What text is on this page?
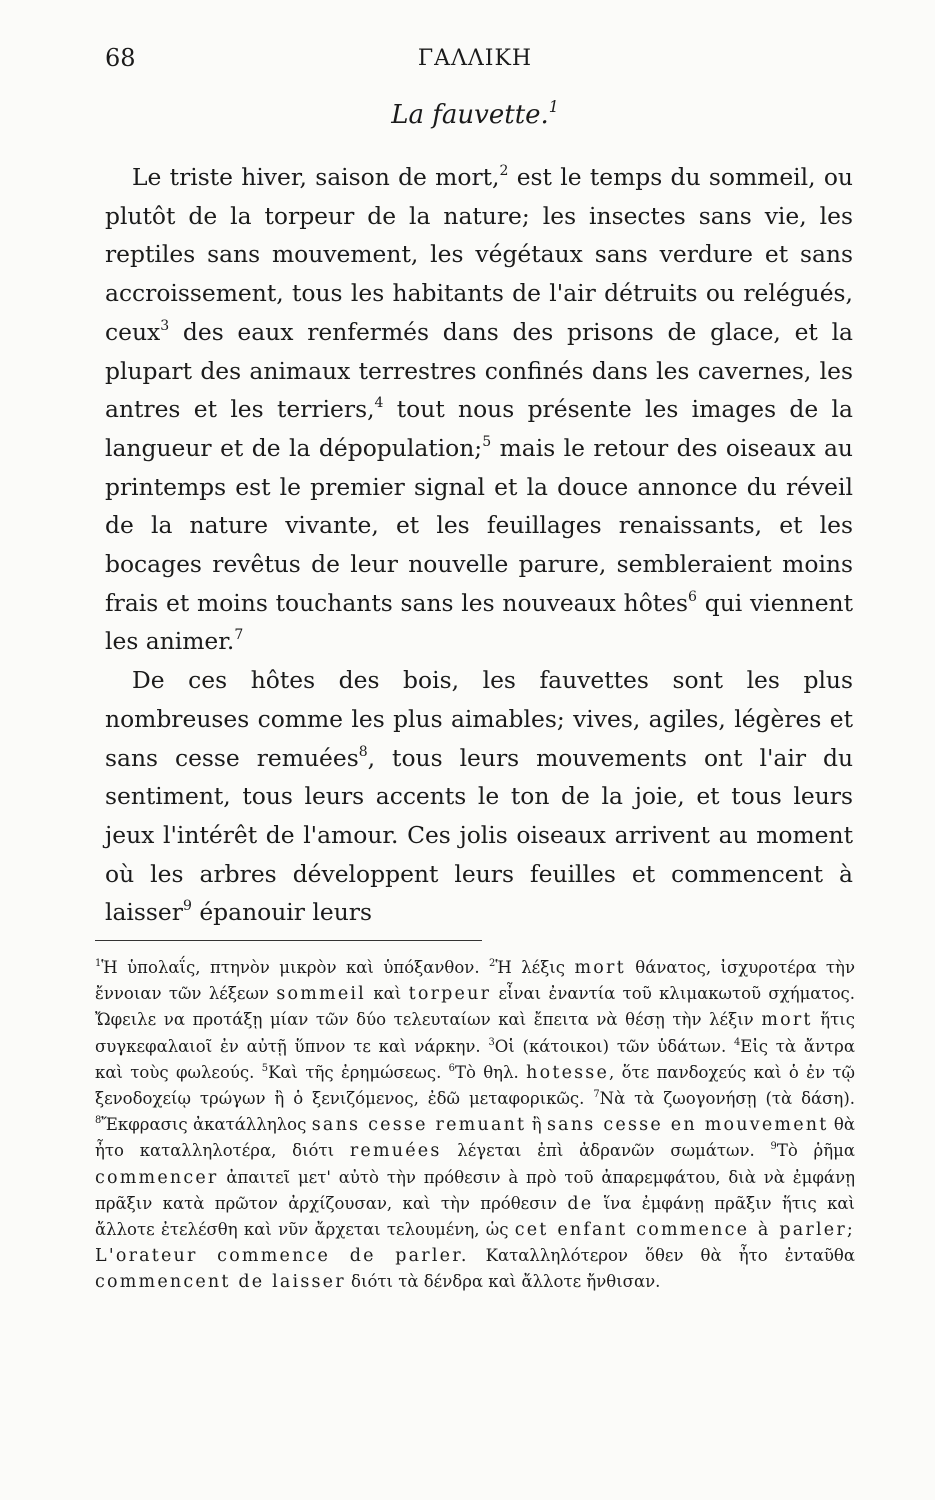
68	ΓΑΛΛΙΚΗ
La fauvette.$^1$

Le triste hiver, saison de mort,$^2$ est le temps du sommeil, ou plutôt de la torpeur de la nature; les insectes sans vie, les reptiles sans mouvement, les végétaux sans verdure et sans accroissement, tous les habitants de l'air détruits ou relégués, ceux$^3$ des eaux renfermés dans des prisons de glace, et la plupart des animaux terrestres confinés dans les cavernes, les antres et les terriers,$^4$ tout nous présente les images de la langueur et de la dépopulation;$^5$ mais le retour des oiseaux au printemps est le premier signal et la douce annonce du réveil de la nature vivante, et les feuillages renaissants, et les bocages revêtus de leur nouvelle parure, sembleraient moins frais et moins touchants sans les nouveaux hôtes$^6$ qui viennent les animer.$^7$

De ces hôtes des bois, les fauvettes sont les plus nombreuses comme les plus aimables; vives, agiles, légères et sans cesse remuées$^8$, tous leurs mouvements ont l'air du sentiment, tous leurs accents le ton de la joie, et tous leurs jeux l'intérêt de l'amour. Ces jolis oiseaux arrivent au moment où les arbres développent leurs feuilles et commencent à laisser$^9$ épanouir leurs

$^1$Ἡ ὑπολαΐς, πτηνὸν μικρὸν καὶ ὑπόξανθον. $^2$Ἡ λέξις mort θάνατος, ἰσχυροτέρα τὴν ἔννοιαν τῶν λέξεων sommeil καὶ torpeur εἶναι ἐναντία τοῦ κλιμακωτοῦ σχήματος. Ὤφειλε να προτάξῃ μίαν τῶν δύο τελευταίων καὶ ἔπειτα νὰ θέσῃ τὴν λέξιν mort ἥτις συγκεφαλαιοῖ ἐν αὐτῇ ὕπνον τε καὶ νάρκην. $^3$Οἱ (κάτοικοι) τῶν ὑδάτων. $^4$Εἰς τὰ ἄντρα καὶ τοὺς φωλεούς. $^5$Καὶ τῆς ἐρημώσεως. $^6$Τὸ θηλ. hotesse, ὅτε πανδοχεύς καὶ ὁ ἐν τῷ ξενοδοχείῳ τρώγων ἢ ὁ ξενιζόμενος, ἐδῶ μεταφορικῶς. $^7$Νὰ τὰ ζωογονήσῃ (τὰ δάση). $^8$Ἔκφρασις ἀκατάλληλος sans cesse remuant ἢ sans cesse en mouvement θὰ ἦτο καταλληλοτέρα, διότι remuées λέγεται ἐπὶ ἀδρανῶν σωμάτων. $^9$Τὸ ῥῆμα commencer ἀπαιτεῖ μετ' αὐτὸ τὴν πρόθεσιν à πρὸ τοῦ ἀπαρεμφάτου, διὰ νὰ ἐμφάνῃ πρᾶξιν κατὰ πρῶτον ἀρχίζουσαν, καὶ τὴν πρόθεσιν de ἵνα ἐμφάνῃ πρᾶξιν ἥτις καὶ ἄλλοτε ἐτελέσθη καὶ νῦν ἄρχεται τελουμένη, ὡς cet enfant commence à parler; L'orateur commence de parler. Καταλληλότερον ὅθεν θὰ ἦτο ἐνταῦθα commencent de laisser διότι τὰ δένδρα καὶ ἄλλοτε ἤνθισαν.
